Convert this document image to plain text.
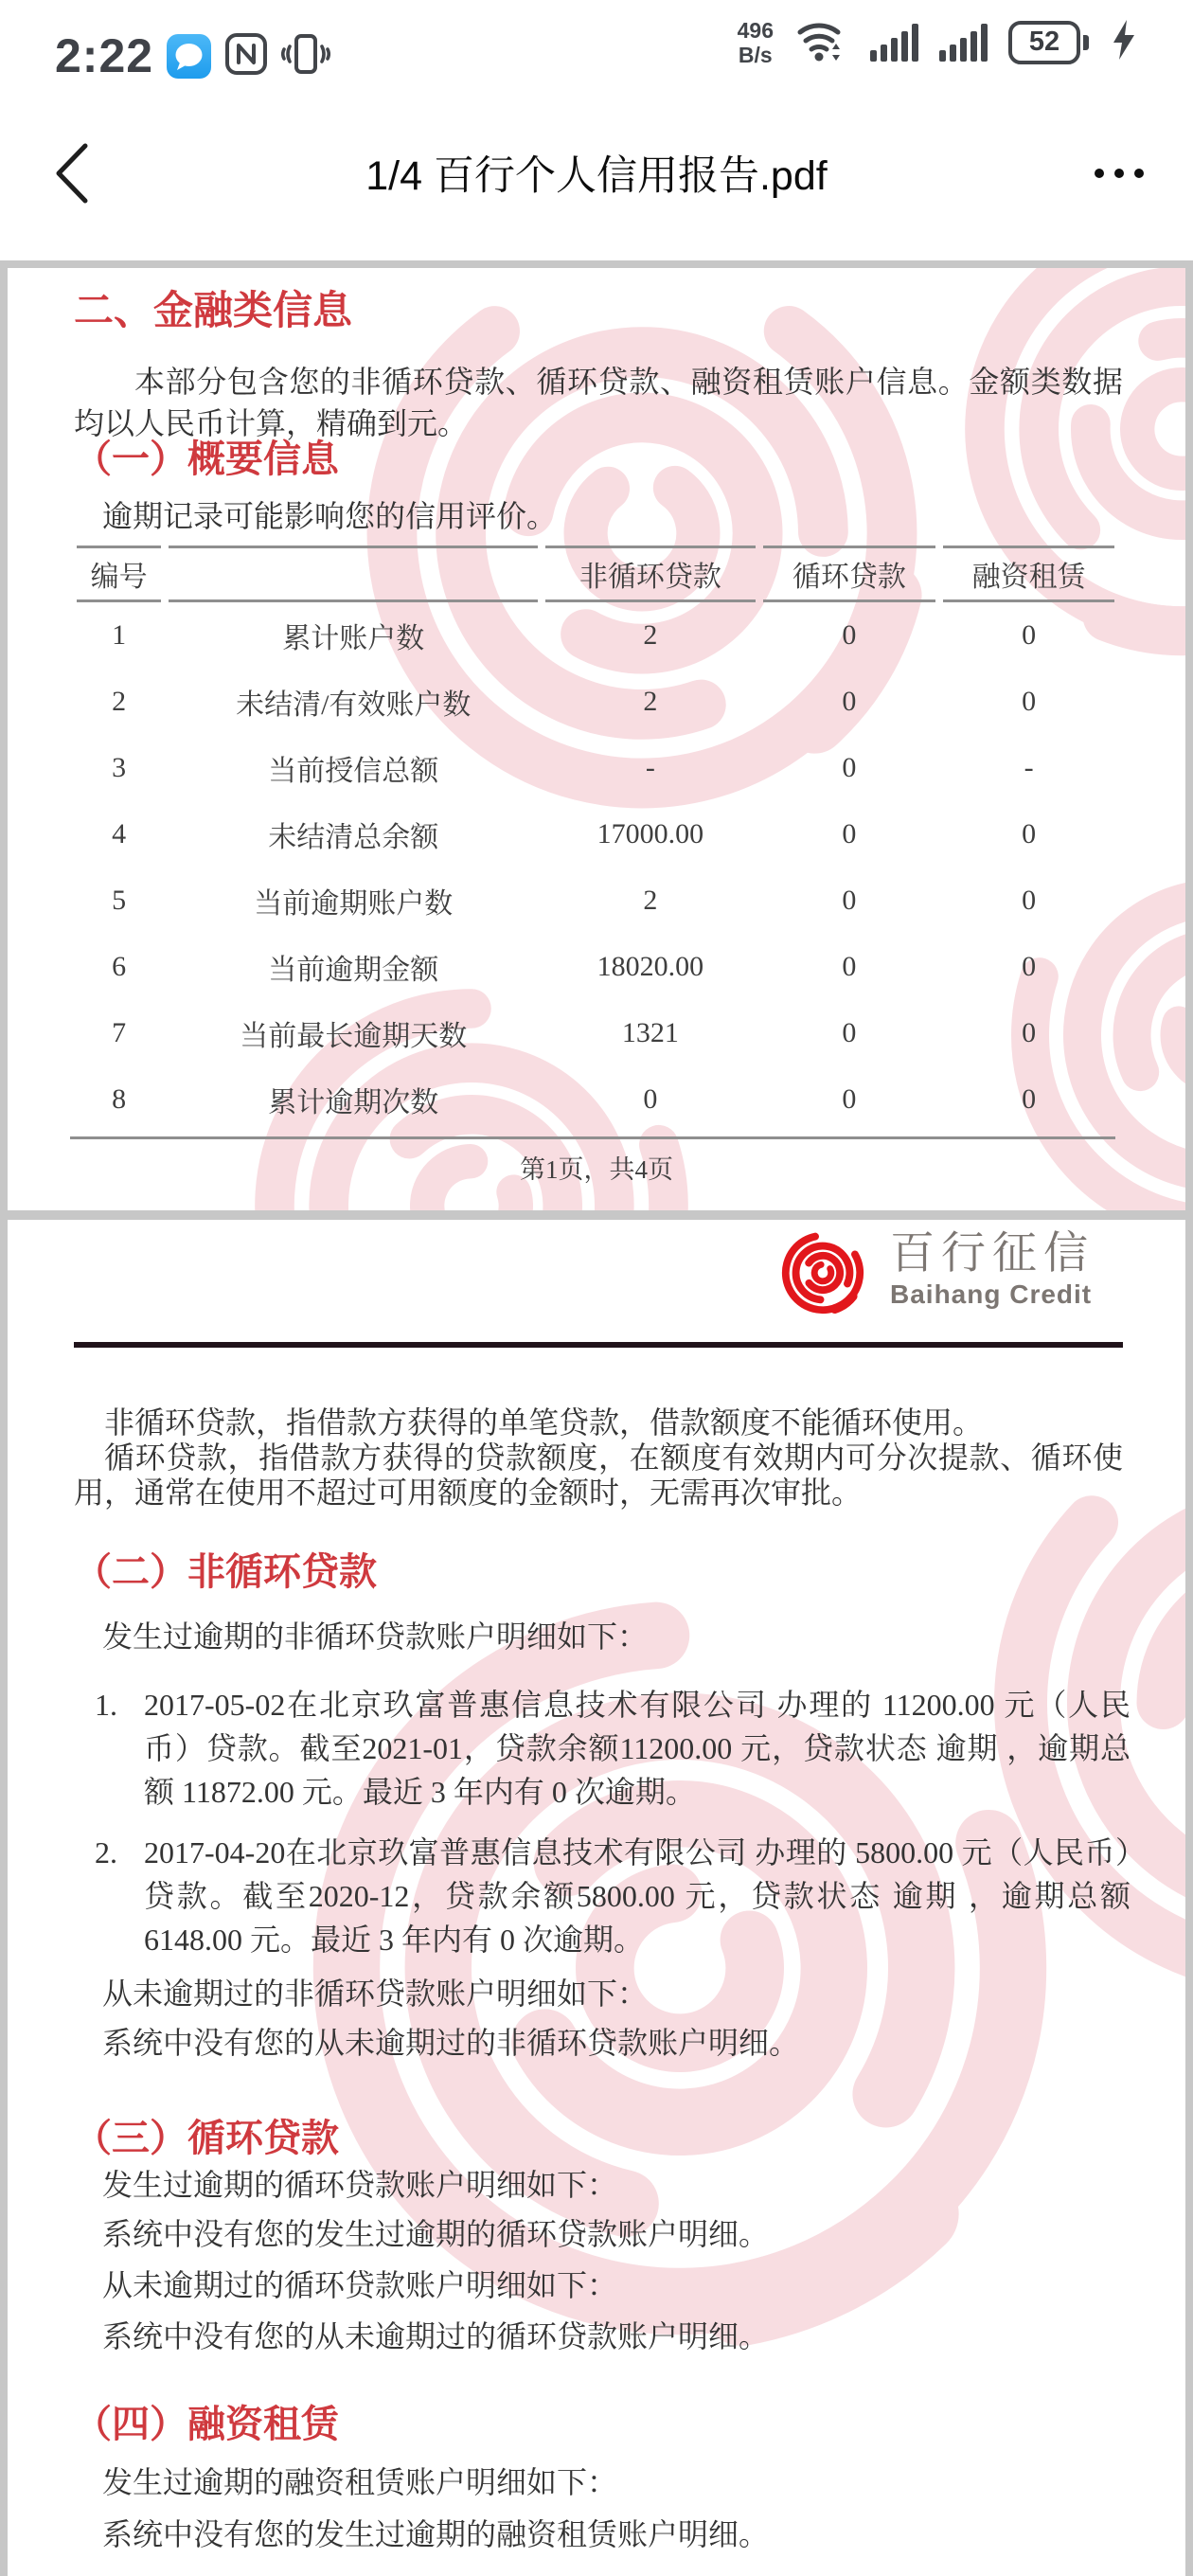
2:22	496
B/s	52
1/4 百行个人信用报告.pdf
二、金融类信息
本部分包含您的非循环贷款、循环贷款、融资租赁账户信息。金额类数据均以人民币计算，精确到元。
（一）概要信息
逾期记录可能影响您的信用评价。
编号		非循环贷款	循环贷款	融资租赁
1	累计账户数	2	0	0
2	未结清/有效账户数	2	0	0
3	当前授信总额	-	0	-
4	未结清总余额	17000.00	0	0
5	当前逾期账户数	2	0	0
6	当前逾期金额	18020.00	0	0
7	当前最长逾期天数	1321	0	0
8	累计逾期次数	0	0	0
第1页，共4页
百行征信
Baihang Credit

非循环贷款，指借款方获得的单笔贷款，借款额度不能循环使用。

循环贷款，指借款方获得的贷款额度，在额度有效期内可分次提款、循环使用，通常在使用不超过可用额度的金额时，无需再次审批。

（二）非循环贷款
发生过逾期的非循环贷款账户明细如下：
1. 2017-05-02在北京玖富普惠信息技术有限公司 办理的 11200.00 元（人民币）贷款。截至2021-01，贷款余额11200.00 元，贷款状态 逾期 ，逾期总额 11872.00 元。最近 3 年内有 0 次逾期。
2. 2017-04-20在北京玖富普惠信息技术有限公司 办理的 5800.00 元（人民币）贷款。截至2020-12，贷款余额5800.00 元，贷款状态 逾期 ，逾期总额 6148.00 元。最近 3 年内有 0 次逾期。
从未逾期过的非循环贷款账户明细如下：
系统中没有您的从未逾期过的非循环贷款账户明细。
（三）循环贷款
发生过逾期的循环贷款账户明细如下：
系统中没有您的发生过逾期的循环贷款账户明细。
从未逾期过的循环贷款账户明细如下：
系统中没有您的从未逾期过的循环贷款账户明细。
（四）融资租赁
发生过逾期的融资租赁账户明细如下：
系统中没有您的发生过逾期的融资租赁账户明细。
